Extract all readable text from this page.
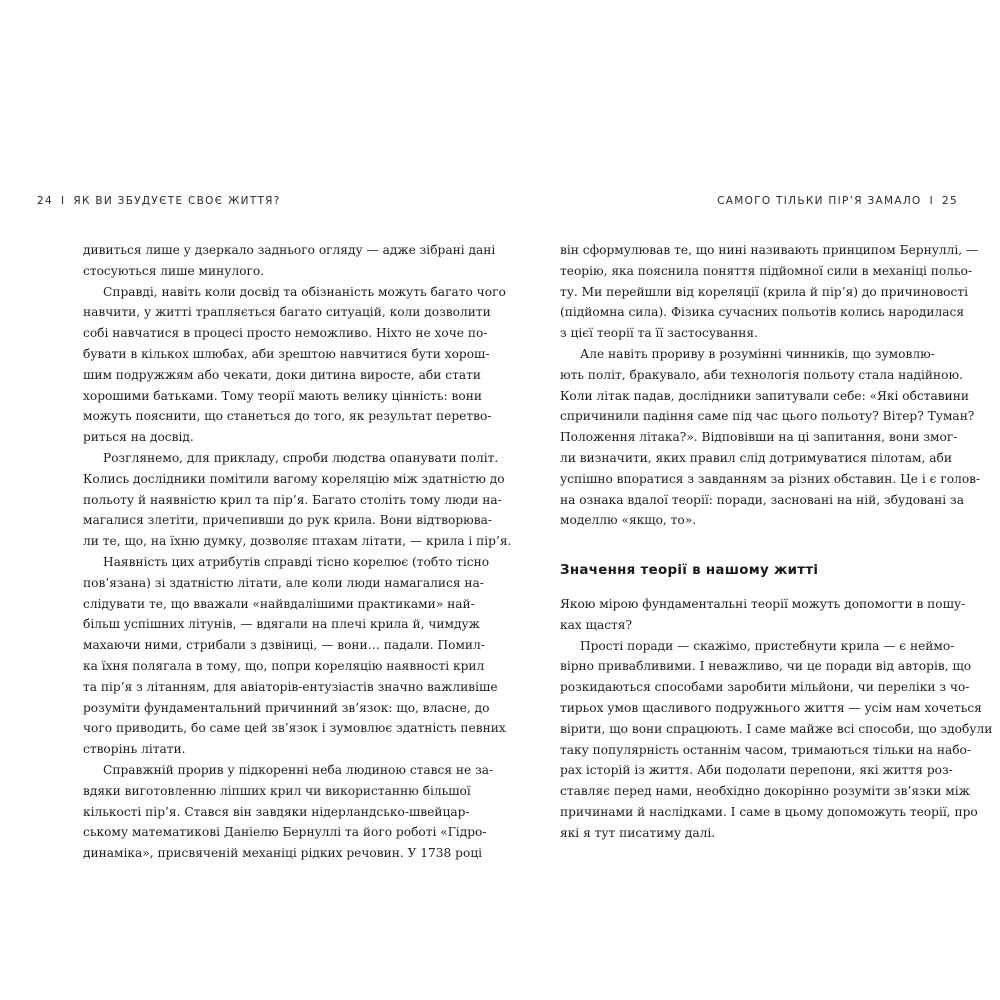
24 I ЯК ВИ ЗБУДУЄТЕ СВОЄ ЖИТТЯ?	САМОГО ТІЛЬКИ ПІР’Я ЗАМАЛО I 25
дивиться лише у дзеркало заднього огляду — адже зібрані дані
стосуються лише минулого.
Справді, навіть коли досвід та обізнаність можуть багато чого
навчити, у житті трапляється багато ситуацій, коли дозволити
собі навчатися в процесі просто неможливо. Ніхто не хоче по-
бувати в кількох шлюбах, аби зрештою навчитися бути хорош-
шим подружжям або чекати, доки дитина виросте, аби стати
хорошими батьками. Тому теорії мають велику цінність: вони
можуть пояснити, що станеться до того, як результат перетво-
риться на досвід.
Розглянемо, для прикладу, спроби людства опанувати політ.
Колись дослідники помітили вагому кореляцію між здатністю до
польоту й наявністю крил та пір’я. Багато століть тому люди на-
магалися злетіти, причепивши до рук крила. Вони відтворюва-
ли те, що, на їхню думку, дозволяє птахам літати, — крила і пір’я.
Наявність цих атрибутів справді тісно корелює (тобто тісно
пов’язана) зі здатністю літати, але коли люди намагалися на-
слідувати те, що вважали «найвдалішими практиками» най-
більш успішних літунів, — вдягали на плечі крила й, чимдуж
махаючи ними, стрибали з дзвіниці, — вони… падали. Помил-
ка їхня полягала в тому, що, попри кореляцію наявності крил
та пір’я з літанням, для авіаторів-ентузіастів значно важливіше
розуміти фундаментальний причинний зв’язок: що, власне, до
чого приводить, бо саме цей зв’язок і зумовлює здатність певних
створінь літати.
Справжній прорив у підкоренні неба людиною стався не за-
вдяки виготовленню ліпших крил чи використанню більшої
кількості пір’я. Стався він завдяки нідерландсько-швейцар-
ському математикові Даніелю Бернуллі та його роботі «Гідро-
динаміка», присвяченій механіці рідких речовин. У 1738 році
він сформулював те, що нині називають принципом Бернуллі, —
теорію, яка пояснила поняття підйомної сили в механіці польо-
ту. Ми перейшли від кореляції (крила й пір’я) до причиновості
(підйомна сила). Фізика сучасних польотів колись народилася
з цієї теорії та її застосування.
Але навіть прориву в розумінні чинників, що зумовлю-
ють політ, бракувало, аби технологія польоту стала надійною.
Коли літак падав, дослідники запитували себе: «Які обставини
спричинили падіння саме під час цього польоту? Вітер? Туман?
Положення літака?». Відповівши на ці запитання, вони змог-
ли визначити, яких правил слід дотримуватися пілотам, аби
успішно впоратися з завданням за різних обставин. Це і є голов-
на ознака вдалої теорії: поради, засновані на ній, збудовані за
моделлю «якщо, то».
Значення теорії в нашому житті
Якою мірою фундаментальні теорії можуть допомогти в пошу-
ках щастя?
Прості поради — скажімо, пристебнути крила — є неймо-
вірно привабливими. І неважливо, чи це поради від авторів, що
розкидаються способами заробити мільйони, чи переліки з чо-
тирьох умов щасливого подружнього життя — усім нам хочеться
вірити, що вони спрацюють. І саме майже всі способи, що здобули
таку популярність останнім часом, тримаються тільки на набо-
рах історій із життя. Аби подолати перепони, які життя роз-
ставляє перед нами, необхідно докорінно розуміти зв’язки між
причинами й наслідками. І саме в цьому допоможуть теорії, про
які я тут писатиму далі.
